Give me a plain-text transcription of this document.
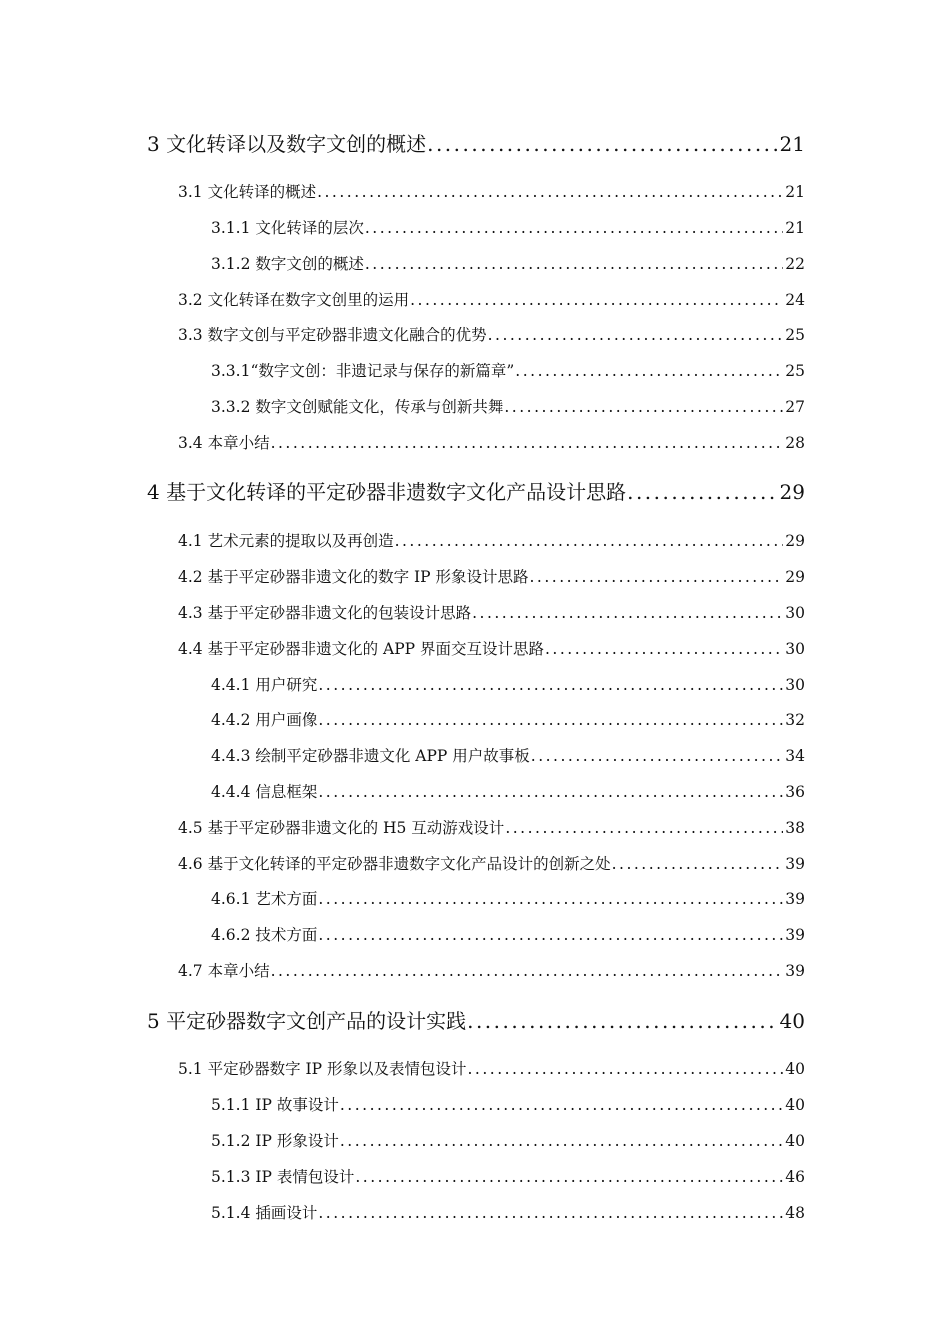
3 文化转译以及数字文创的概述 .....	21
3.1 文化转译的概述 .....	21
3.1.1 文化转译的层次 .....	21
3.1.2 数字文创的概述 .....	22
3.2 文化转译在数字文创里的运用 .....	24
3.3 数字文创与平定砂器非遗文化融合的优势 .....	25
3.3.1“数字文创：非遗记录与保存的新篇章” .....	25
3.3.2 数字文创赋能文化，传承与创新共舞 .....	27
3.4 本章小结 .....	28
4 基于文化转译的平定砂器非遗数字文化产品设计思路 .....	29
4.1 艺术元素的提取以及再创造 .....	29
4.2 基于平定砂器非遗文化的数字 IP 形象设计思路 .....	29
4.3 基于平定砂器非遗文化的包装设计思路 .....	30
4.4 基于平定砂器非遗文化的 APP 界面交互设计思路 .....	30
4.4.1 用户研究 .....	30
4.4.2 用户画像 .....	32
4.4.3 绘制平定砂器非遗文化 APP 用户故事板 .....	34
4.4.4 信息框架 .....	36
4.5 基于平定砂器非遗文化的 H5 互动游戏设计 .....	38
4.6 基于文化转译的平定砂器非遗数字文化产品设计的创新之处 .....	39
4.6.1 艺术方面 .....	39
4.6.2 技术方面 .....	39
4.7 本章小结 .....	39
5 平定砂器数字文创产品的设计实践 .....	40
5.1 平定砂器数字 IP 形象以及表情包设计 .....	40
5.1.1 IP 故事设计 .....	40
5.1.2 IP 形象设计 .....	40
5.1.3 IP 表情包设计 .....	46
5.1.4 插画设计 .....	48
